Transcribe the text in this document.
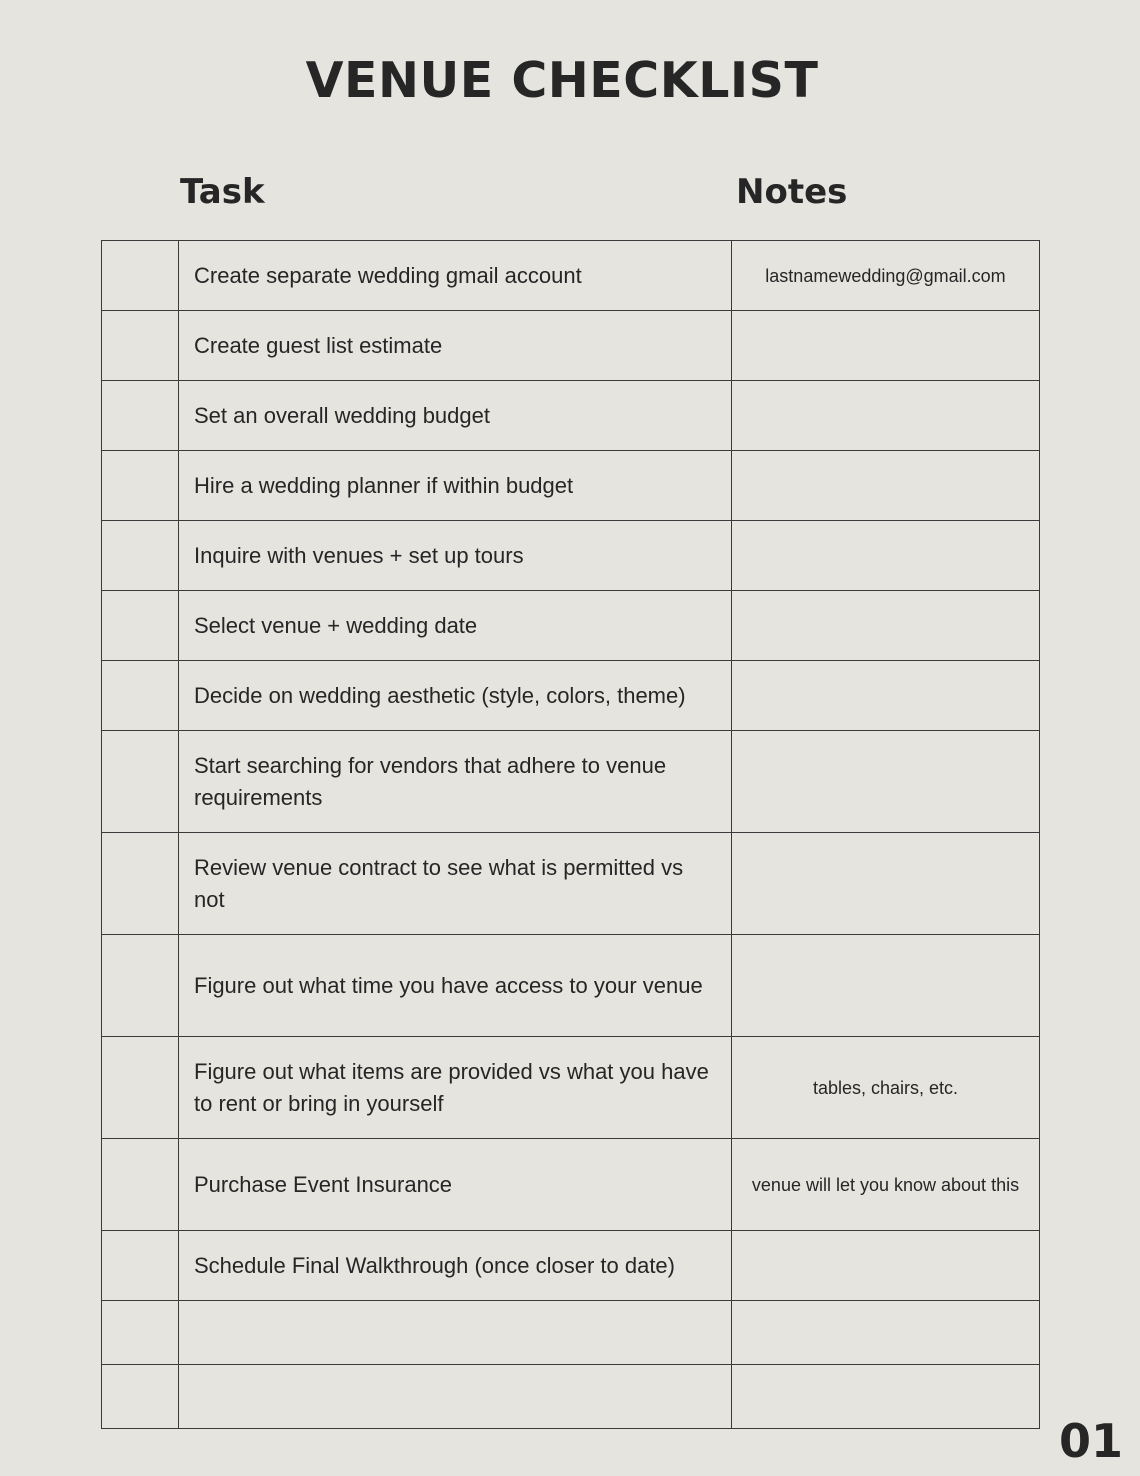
VENUE CHECKLIST
Task	Notes

	Create separate wedding gmail account	lastnamewedding@gmail.com

	Create guest list estimate	

	Set an overall wedding budget	

	Hire a wedding planner if within budget	

	Inquire with venues + set up tours	

	Select venue + wedding date	

	Decide on wedding aesthetic (style, colors, theme)	

	Start searching for vendors that adhere to venue requirements	

	Review venue contract to see what is permitted vs not	

	Figure out what time you have access to your venue	

	Figure out what items are provided vs what you have to rent or bring in yourself	tables, chairs, etc.

	Purchase Event Insurance	venue will let you know about this

	Schedule Final Walkthrough (once closer to date)	

01
